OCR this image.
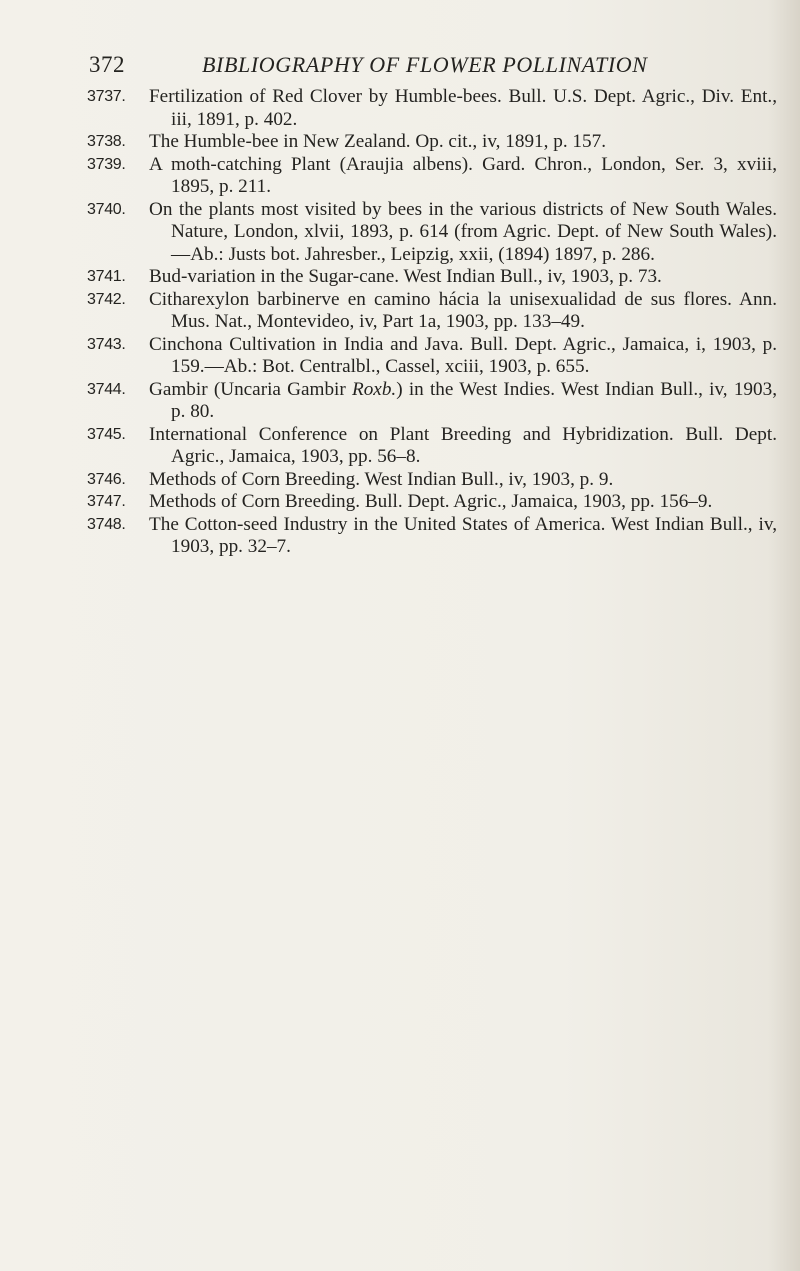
372	BIBLIOGRAPHY OF FLOWER POLLINATION
3737.	Fertilization of Red Clover by Humble-bees. Bull. U.S. Dept. Agric., Div. Ent., iii, 1891, p. 402.
3738.	The Humble-bee in New Zealand. Op. cit., iv, 1891, p. 157.
3739.	A moth-catching Plant (Araujia albens). Gard. Chron., London, Ser. 3, xviii, 1895, p. 211.
3740.	On the plants most visited by bees in the various districts of New South Wales. Nature, London, xlvii, 1893, p. 614 (from Agric. Dept. of New South Wales). —Ab.: Justs bot. Jahresber., Leipzig, xxii, (1894) 1897, p. 286.
3741.	Bud-variation in the Sugar-cane. West Indian Bull., iv, 1903, p. 73.
3742.	Citharexylon barbinerve en camino hácia la unisexualidad de sus flores. Ann. Mus. Nat., Montevideo, iv, Part 1a, 1903, pp. 133–49.
3743.	Cinchona Cultivation in India and Java. Bull. Dept. Agric., Jamaica, i, 1903, p. 159.—Ab.: Bot. Centralbl., Cassel, xciii, 1903, p. 655.
3744.	Gambir (Uncaria Gambir Roxb.) in the West Indies. West Indian Bull., iv, 1903, p. 80.
3745.	International Conference on Plant Breeding and Hybridization. Bull. Dept. Agric., Jamaica, 1903, pp. 56–8.
3746.	Methods of Corn Breeding. West Indian Bull., iv, 1903, p. 9.
3747.	Methods of Corn Breeding. Bull. Dept. Agric., Jamaica, 1903, pp. 156–9.
3748.	The Cotton-seed Industry in the United States of America. West Indian Bull., iv, 1903, pp. 32–7.
